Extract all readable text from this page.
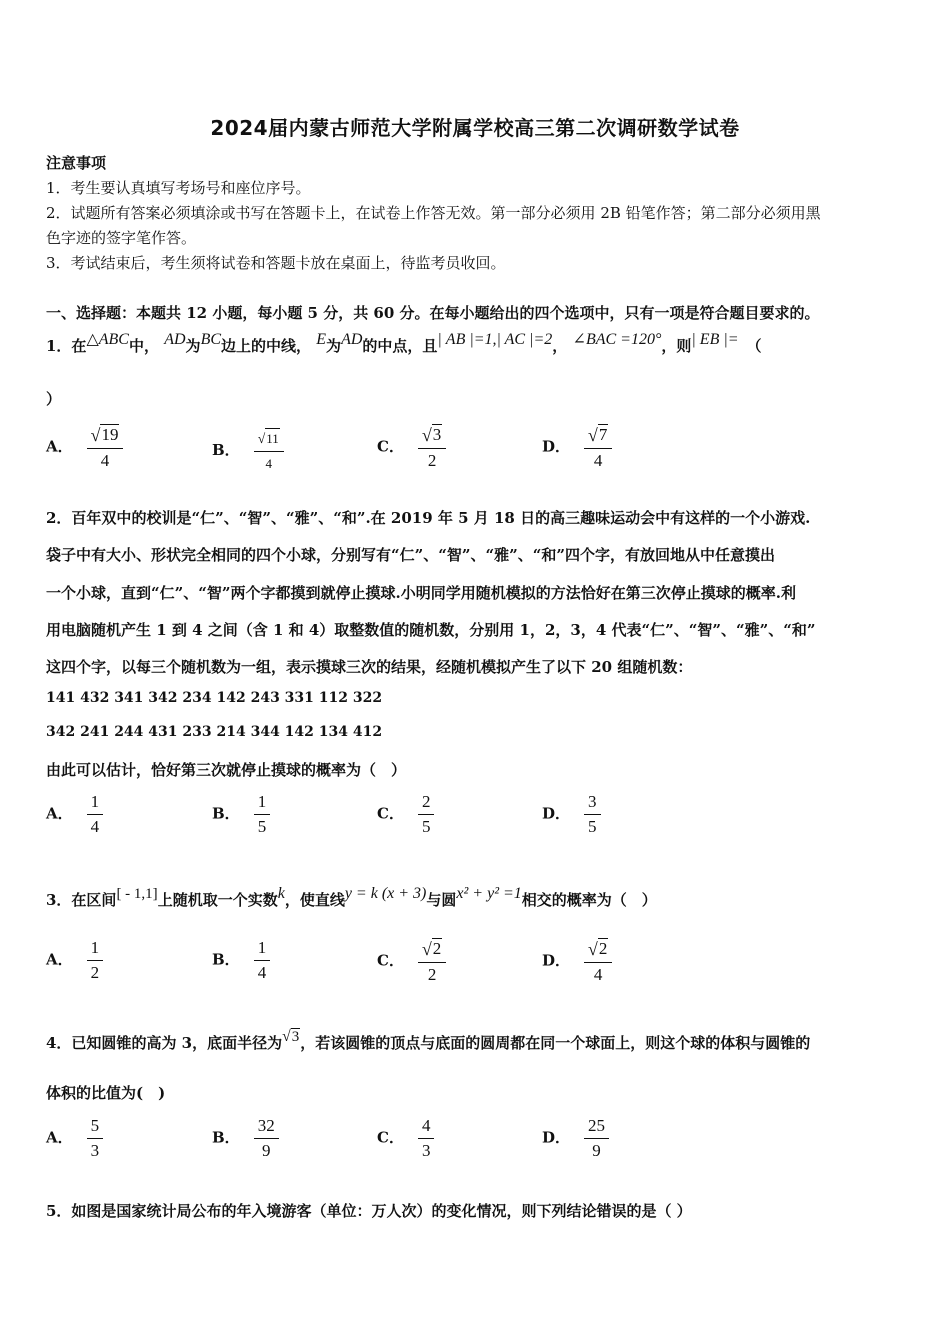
2024届内蒙古师范大学附属学校高三第二次调研数学试卷
注意事项
1．考生要认真填写考场号和座位序号。
2．试题所有答案必须填涂或书写在答题卡上，在试卷上作答无效。第一部分必须用 2B 铅笔作答；第二部分必须用黑
色字迹的签字笔作答。
3．考试结束后，考生须将试卷和答题卡放在桌面上，待监考员收回。
一、选择题：本题共 12 小题，每小题 5 分，共 60 分。在每小题给出的四个选项中，只有一项是符合题目要求的。
1．在△ABC中， AD为BC边上的中线， E为AD的中点，且| AB |=1,| AC |=2， ∠BAC =120°，则| EB |= （
）
A． $\frac{√ 19}{4}$	B． $\frac{√ 11}{4}$	C． $\frac{√ 3}{2}$	D． $\frac{√ 7}{4}$
2．百年双中的校训是“仁”、“智”、“雅”、“和”.在 2019 年 5 月 18 日的高三趣味运动会中有这样的一个小游戏.
袋子中有大小、形状完全相同的四个小球，分别写有“仁”、“智”、“雅”、“和”四个字，有放回地从中任意摸出
一个小球，直到“仁”、“智”两个字都摸到就停止摸球.小明同学用随机模拟的方法恰好在第三次停止摸球的概率.利
用电脑随机产生 1 到 4 之间（含 1 和 4）取整数值的随机数，分别用 1，2，3，4 代表“仁”、“智”、“雅”、“和”
这四个字，以每三个随机数为一组，表示摸球三次的结果，经随机模拟产生了以下 20 组随机数：
141 432 341 342 234 142 243 331 112 322
342 241 244 431 233 214 344 142 134 412
由此可以估计，恰好第三次就停止摸球的概率为（　）
A． $\frac{1}{4}$	B． $\frac{1}{5}$	C． $\frac{2}{5}$	D． $\frac{3}{5}$
3．在区间[ - 1,1]上随机取一个实数k，使直线y = k (x + 3)与圆x² + y² =1相交的概率为（　）
A． $\frac{1}{2}$	B． $\frac{1}{4}$	C． $\frac{√ 2}{2}$	D． $\frac{√ 2}{4}$
4．已知圆锥的高为 3，底面半径为 √ 3 ，若该圆锥的顶点与底面的圆周都在同一个球面上，则这个球的体积与圆锥的
体积的比值为(　)
A． $\frac{5}{3}$	B． $\frac{32}{9}$	C． $\frac{4}{3}$	D． $\frac{25}{9}$
5．如图是国家统计局公布的年入境游客（单位：万人次）的变化情况，则下列结论错误的是（ ）
